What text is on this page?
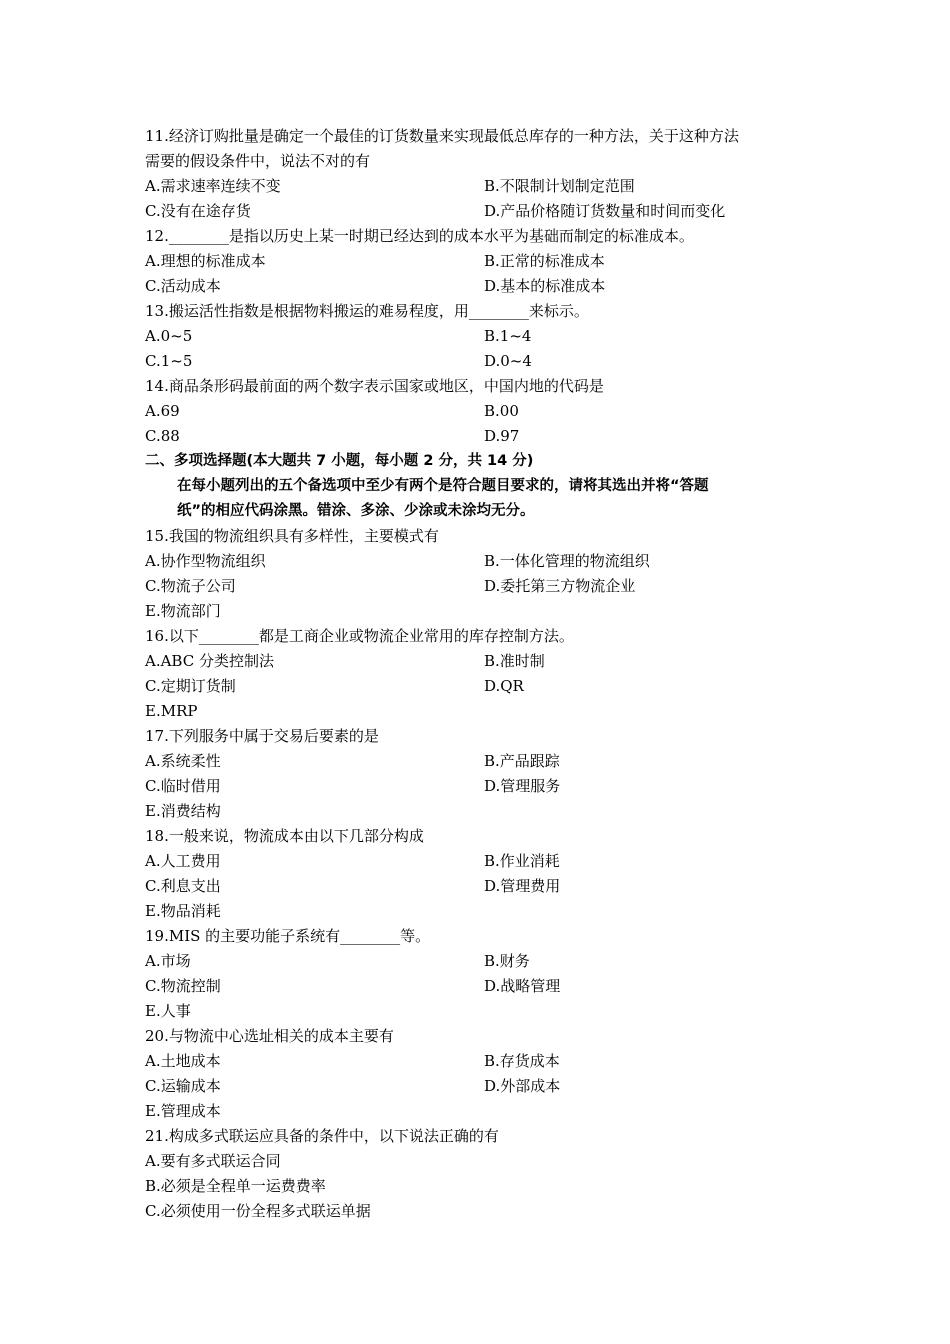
11.经济订购批量是确定一个最佳的订货数量来实现最低总库存的一种方法，关于这种方法
需要的假设条件中，说法不对的有
A.需求速率连续不变	B.不限制计划制定范围
C.没有在途存货	D.产品价格随订货数量和时间而变化
12.________是指以历史上某一时期已经达到的成本水平为基础而制定的标准成本。
A.理想的标准成本	B.正常的标准成本
C.活动成本	D.基本的标准成本
13.搬运活性指数是根据物料搬运的难易程度，用________来标示。
A.0~5	B.1~4
C.1~5	D.0~4
14.商品条形码最前面的两个数字表示国家或地区，中国内地的代码是
A.69	B.00
C.88	D.97
二、多项选择题(本大题共 7 小题，每小题 2 分，共 14 分)
在每小题列出的五个备选项中至少有两个是符合题目要求的，请将其选出并将“答题
纸”的相应代码涂黑。错涂、多涂、少涂或未涂均无分。
15.我国的物流组织具有多样性，主要模式有
A.协作型物流组织	B.一体化管理的物流组织
C.物流子公司	D.委托第三方物流企业
E.物流部门
16.以下________都是工商企业或物流企业常用的库存控制方法。
A.ABC 分类控制法	B.准时制
C.定期订货制	D.QR
E.MRP
17.下列服务中属于交易后要素的是
A.系统柔性	B.产品跟踪
C.临时借用	D.管理服务
E.消费结构
18.一般来说，物流成本由以下几部分构成
A.人工费用	B.作业消耗
C.利息支出	D.管理费用
E.物品消耗
19.MIS 的主要功能子系统有________等。
A.市场	B.财务
C.物流控制	D.战略管理
E.人事
20.与物流中心选址相关的成本主要有
A.土地成本	B.存货成本
C.运输成本	D.外部成本
E.管理成本
21.构成多式联运应具备的条件中，以下说法正确的有
A.要有多式联运合同
B.必须是全程单一运费费率
C.必须使用一份全程多式联运单据
